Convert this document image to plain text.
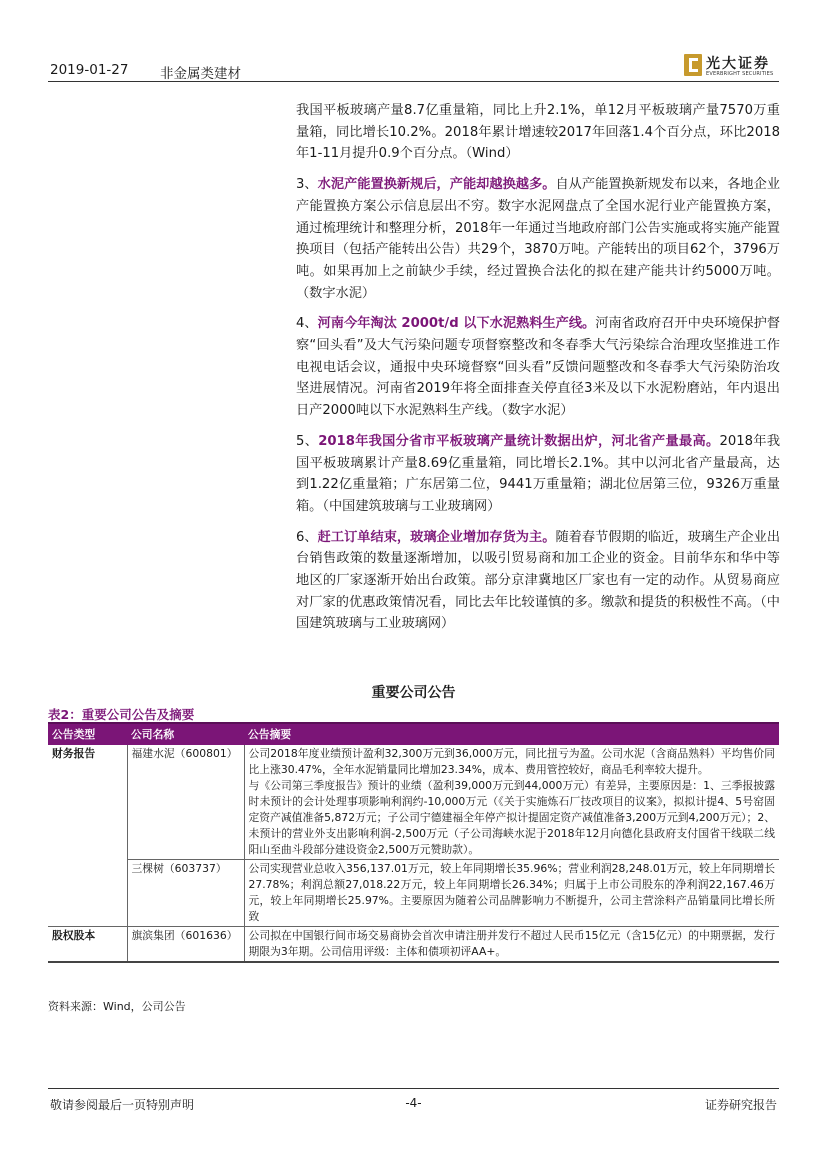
2019-01-27 非金属类建材
光大证券
EVERBRIGHT SECURITIES

我国平板玻璃产量8.7亿重量箱，同比上升2.1%，单12月平板玻璃产量7570万重量箱，同比增长10.2%。2018年累计增速较2017年回落1.4个百分点，环比2018年1-11月提升0.9个百分点。（Wind）

3、水泥产能置换新规后，产能却越换越多。自从产能置换新规发布以来，各地企业产能置换方案公示信息层出不穷。数字水泥网盘点了全国水泥行业产能置换方案，通过梳理统计和整理分析，2018年一年通过当地政府部门公告实施或将实施产能置换项目（包括产能转出公告）共29个，3870万吨。产能转出的项目62个，3796万吨。如果再加上之前缺少手续，经过置换合法化的拟在建产能共计约5000万吨。（数字水泥）

4、河南今年淘汰 2000t/d 以下水泥熟料生产线。河南省政府召开中央环境保护督察“回头看”及大气污染问题专项督察整改和冬春季大气污染综合治理攻坚推进工作电视电话会议，通报中央环境督察“回头看”反馈问题整改和冬春季大气污染防治攻坚进展情况。河南省2019年将全面排查关停直径3米及以下水泥粉磨站，年内退出日产2000吨以下水泥熟料生产线。（数字水泥）

5、2018年我国分省市平板玻璃产量统计数据出炉，河北省产量最高。2018年我国平板玻璃累计产量8.69亿重量箱，同比增长2.1%。其中以河北省产量最高，达到1.22亿重量箱；广东居第二位，9441万重量箱；湖北位居第三位，9326万重量箱。（中国建筑玻璃与工业玻璃网）

6、赶工订单结束，玻璃企业增加存货为主。随着春节假期的临近，玻璃生产企业出台销售政策的数量逐渐增加，以吸引贸易商和加工企业的资金。目前华东和华中等地区的厂家逐渐开始出台政策。部分京津冀地区厂家也有一定的动作。从贸易商应对厂家的优惠政策情况看，同比去年比较谨慎的多。缴款和提货的积极性不高。（中国建筑玻璃与工业玻璃网）

重要公司公告
表2：重要公司公告及摘要
公告类型	公司名称	公告摘要
财务报告	福建水泥（600801）	公司2018年度业绩预计盈利32,300万元到36,000万元，同比扭亏为盈。公司水泥（含商品熟料）平均售价同比上涨30.47%，全年水泥销量同比增加23.34%，成本、费用管控较好，商品毛利率较大提升。
与《公司第三季度报告》预计的业绩（盈利39,000万元到44,000万元）有差异，主要原因是：1、三季报披露时未预计的会计处理事项影响利润约-10,000万元（《关于实施炼石厂技改项目的议案》，拟拟计提4、5号窑固定资产减值准备5,872万元；子公司宁德建福全年停产拟计提固定资产减值准备3,200万元到4,200万元）；2、未预计的营业外支出影响利润-2,500万元（子公司海峡水泥于2018年12月向德化县政府支付国省干线联二线阳山至曲斗段部分建设资金2,500万元赞助款）。

	三棵树（603737）	公司实现营业总收入356,137.01万元，较上年同期增长35.96%；营业利润28,248.01万元，较上年同期增长27.78%；利润总额27,018.22万元，较上年同期增长26.34%；归属于上市公司股东的净利润22,167.46万元，较上年同期增长25.97%。主要原因为随着公司品牌影响力不断提升，公司主营涂料产品销量同比增长所致
股权股本	旗滨集团（601636）	公司拟在中国银行间市场交易商协会首次申请注册并发行不超过人民币15亿元（含15亿元）的中期票据，发行期限为3年期。公司信用评级：主体和债项初评AA+。
资料来源：Wind，公司公告
敬请参阅最后一页特别声明	-4-	证券研究报告
